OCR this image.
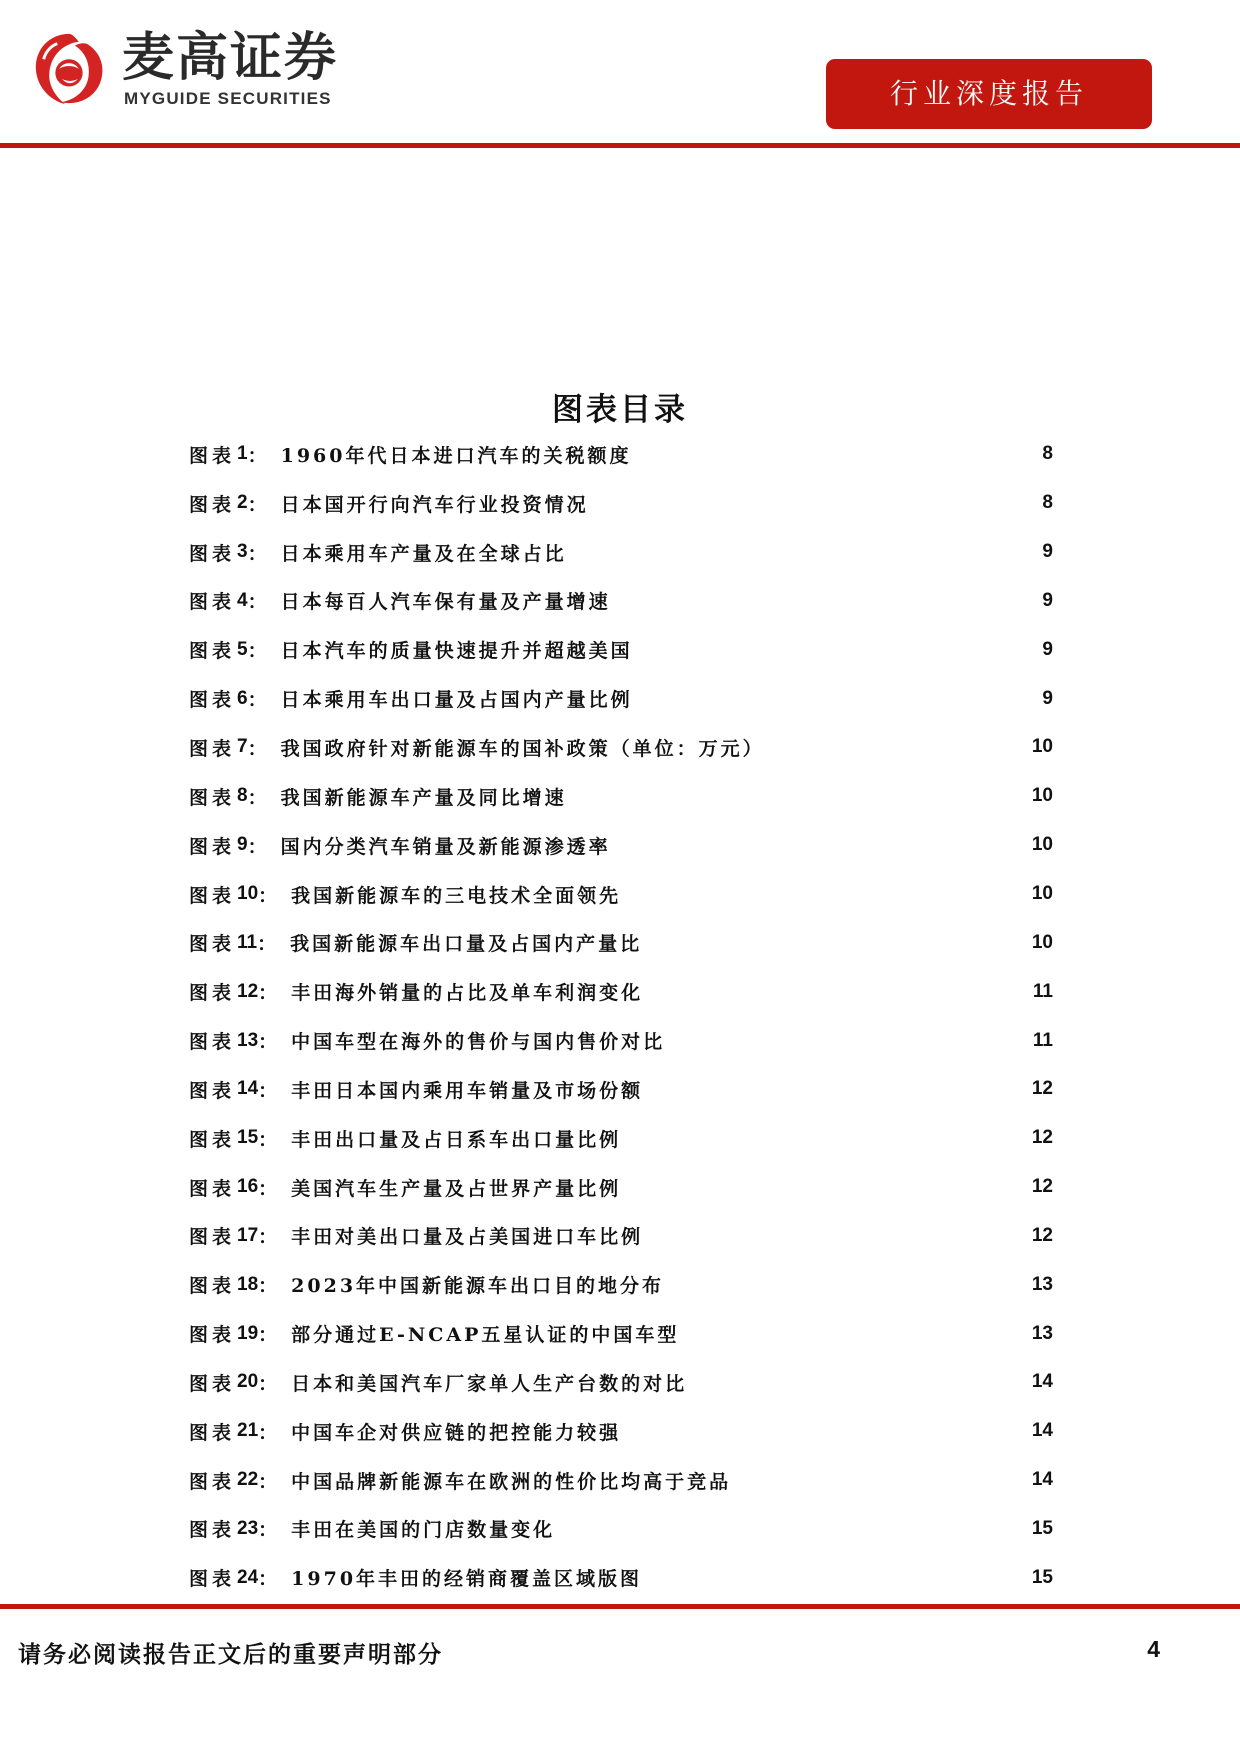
麦高证券
MYGUIDE SECURITIES	行业深度报告
图表目录
图表 1 ： 1960年代日本进口汽车的关税额度	8
图表 2 ： 日本国开行向汽车行业投资情况	8
图表 3 ： 日本乘用车产量及在全球占比	9
图表 4 ： 日本每百人汽车保有量及产量增速	9
图表 5 ： 日本汽车的质量快速提升并超越美国	9
图表 6 ： 日本乘用车出口量及占国内产量比例	9
图表 7 ： 我国政府针对新能源车的国补政策（单位：万元）	10
图表 8 ： 我国新能源车产量及同比增速	10
图表 9 ： 国内分类汽车销量及新能源渗透率	10
图表 10 ： 我国新能源车的三电技术全面领先	10
图表 11 ： 我国新能源车出口量及占国内产量比	10
图表 12 ： 丰田海外销量的占比及单车利润变化	11
图表 13 ： 中国车型在海外的售价与国内售价对比	11
图表 14 ： 丰田日本国内乘用车销量及市场份额	12
图表 15 ： 丰田出口量及占日系车出口量比例	12
图表 16 ： 美国汽车生产量及占世界产量比例	12
图表 17 ： 丰田对美出口量及占美国进口车比例	12
图表 18 ： 2023年中国新能源车出口目的地分布	13
图表 19 ： 部分通过E-NCAP五星认证的中国车型	13
图表 20 ： 日本和美国汽车厂家单人生产台数的对比	14
图表 21 ： 中国车企对供应链的把控能力较强	14
图表 22 ： 中国品牌新能源车在欧洲的性价比均高于竞品	14
图表 23 ： 丰田在美国的门店数量变化	15
图表 24 ： 1970年丰田的经销商覆盖区域版图	15
请务必阅读报告正文后的重要声明部分	4
